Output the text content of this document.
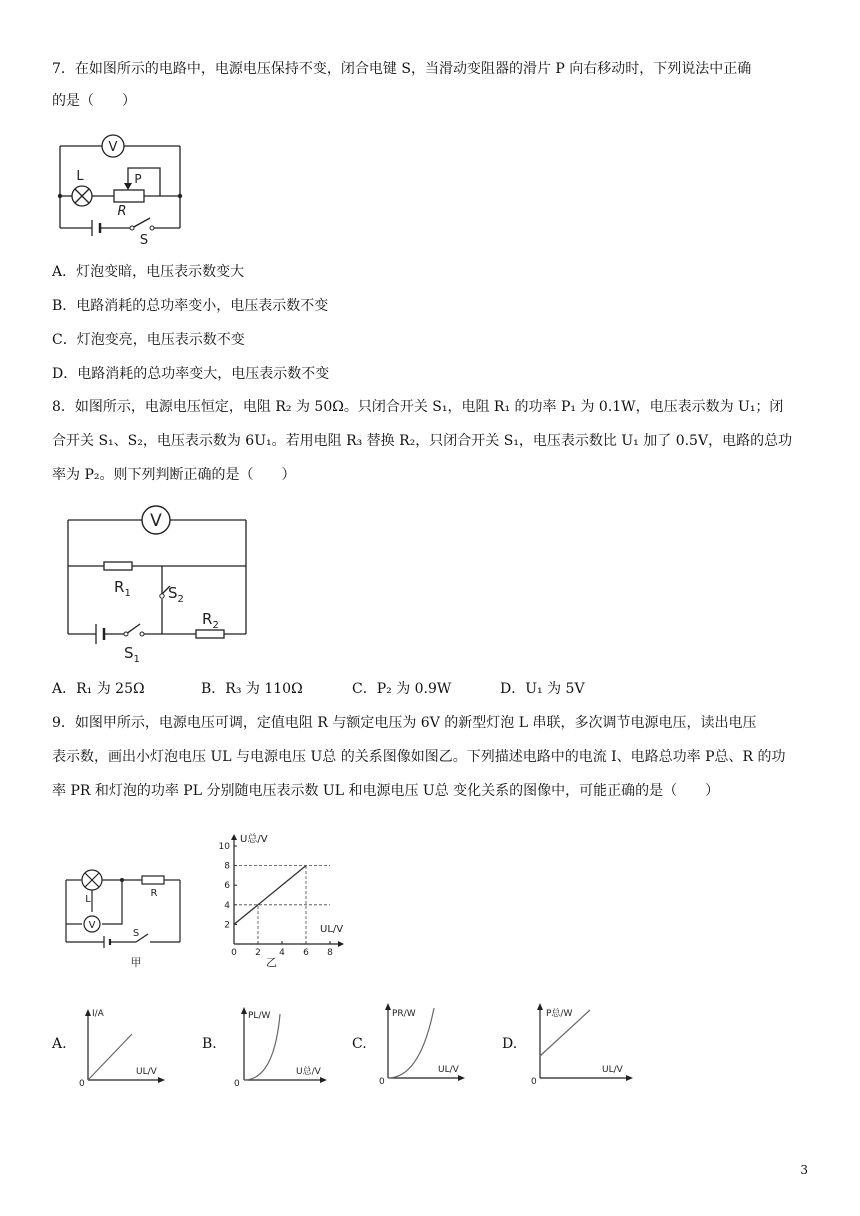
7．在如图所示的电路中，电源电压保持不变，闭合电键 S，当滑动变阻器的滑片 P 向右移动时，下列说法中正确
的是（　　）
V
L	P
R
S
A．灯泡变暗，电压表示数变大
B．电路消耗的总功率变小，电压表示数不变
C．灯泡变亮，电压表示数不变
D．电路消耗的总功率变大，电压表示数不变
8．如图所示，电源电压恒定，电阻 R₂ 为 50Ω。只闭合开关 S₁，电阻 R₁ 的功率 P₁ 为 0.1W，电压表示数为 U₁；闭
合开关 S₁、S₂，电压表示数为 6U₁。若用电阻 R₃ 替换 R₂，只闭合开关 S₁，电压表示数比 U₁ 加了 0.5V，电路的总功
率为 P₂。则下列判断正确的是（　　）
V
$R_1$ $S_2$
$R_2$
$S_1$
A．R₁ 为 25Ω	B．R₃ 为 110Ω	C．P₂ 为 0.9W	D．U₁ 为 5V
9．如图甲所示，电源电压可调，定值电阻 R 与额定电压为 6V 的新型灯泡 L 串联，多次调节电源电压，读出电压
表示数，画出小灯泡电压 UL 与电源电压 U总 的关系图像如图乙。下列描述电路中的电流 I、电路总功率 P总、R 的功
率 PR 和灯泡的功率 PL 分别随电压表示数 UL 和电源电压 U总 变化关系的图像中，可能正确的是（　　）
V
L
R
S
甲
U总/V
UL/V
乙
10
8
6
4
2
0 2 4 6 8
A.
I/A
UL/V
0
B.
PL/W
U总/V
0
C.
PR/W
UL/V
0
D.
P总/W
UL/V
0
3
